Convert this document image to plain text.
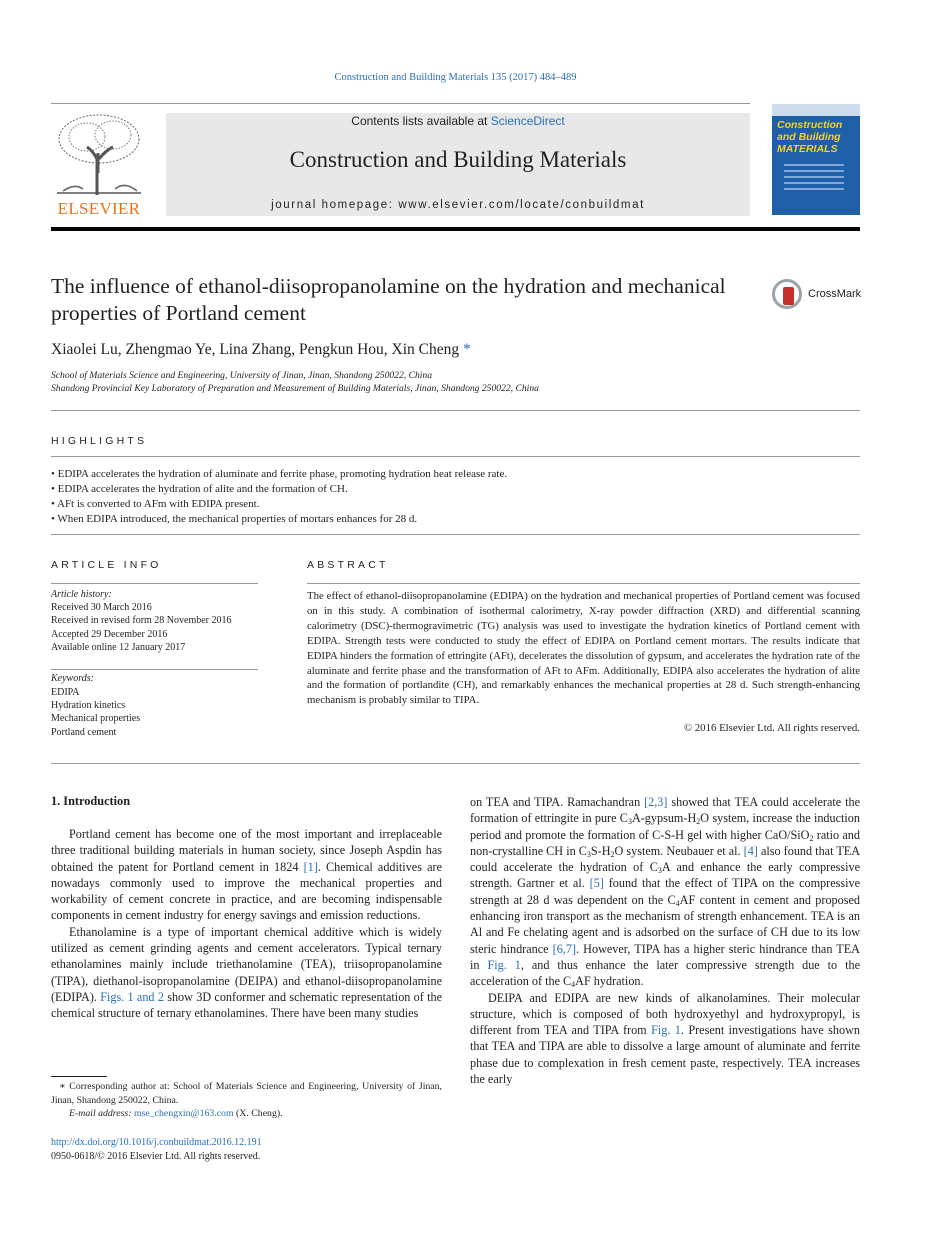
Construction and Building Materials 135 (2017) 484–489
ELSEVIER
Contents lists available at ScienceDirect
Construction and Building Materials
journal homepage: www.elsevier.com/locate/conbuildmat
Construction and Building MATERIALS
The influence of ethanol-diisopropanolamine on the hydration and mechanical properties of Portland cement
CrossMark
Xiaolei Lu, Zhengmao Ye, Lina Zhang, Pengkun Hou, Xin Cheng *
School of Materials Science and Engineering, University of Jinan, Jinan, Shandong 250022, China
Shandong Provincial Key Laboratory of Preparation and Measurement of Building Materials, Jinan, Shandong 250022, China
HIGHLIGHTS
• EDIPA accelerates the hydration of aluminate and ferrite phase, promoting hydration heat release rate.
• EDIPA accelerates the hydration of alite and the formation of CH.
• AFt is converted to AFm with EDIPA present.
• When EDIPA introduced, the mechanical properties of mortars enhances for 28 d.
ARTICLE INFO
Article history:
Received 30 March 2016
Received in revised form 28 November 2016
Accepted 29 December 2016
Available online 12 January 2017
Keywords:
EDIPA
Hydration kinetics
Mechanical properties
Portland cement
ABSTRACT
The effect of ethanol-diisopropanolamine (EDIPA) on the hydration and mechanical properties of Portland cement was focused on in this study. A combination of isothermal calorimetry, X-ray powder diffraction (XRD) and differential scanning calorimetry (DSC)-thermogravimetric (TG) analysis was used to investigate the hydration kinetics of Portland cement with EDIPA. Strength tests were conducted to study the effect of EDIPA on Portland cement mortars. The results indicate that EDIPA hinders the formation of ettringite (AFt), decelerates the dissolution of gypsum, and accelerates the hydration rate of the aluminate and ferrite phase and the transformation of AFt to AFm. Additionally, EDIPA also accelerates the hydration of alite and the formation of portlandite (CH), and remarkably enhances the mechanical properties at 28 d. Such strength-enhancing mechanism is probably similar to TIPA.
© 2016 Elsevier Ltd. All rights reserved.
1. Introduction

Portland cement has become one of the most important and irreplaceable three traditional building materials in human society, since Joseph Aspdin has obtained the patent for Portland cement in 1824 [1]. Chemical additives are nowadays commonly used to improve the mechanical properties and workability of cement concrete in practice, and are becoming indispensable components in cement industry for energy savings and emission reductions.

Ethanolamine is a type of important chemical additive which is widely utilized as cement grinding agents and cement accelerators. Typical ternary ethanolamines mainly include triethanolamine (TEA), triisopropanolamine (TIPA), diethanol-isopropanolamine (DEIPA) and ethanol-diisopropanolamine (EDIPA). Figs. 1 and 2 show 3D conformer and schematic representation of the chemical structure of ternary ethanolamines. There have been many studies

on TEA and TIPA. Ramachandran [2,3] showed that TEA could accelerate the formation of ettringite in pure $C_3A-gypsum-H_2O$ system, increase the induction period and promote the formation of C-S-H gel with higher CaO/SiO$_2$ ratio and non-crystalline CH in $C_3S-H_2O$ system. Neubauer et al. [4] also found that TEA could accelerate the hydration of $C_3A$ and enhance the early compressive strength. Gartner et al. [5] found that the effect of TIPA on the compressive strength at 28 d was dependent on the $C_4AF$ content in cement and proposed enhancing iron transport as the mechanism of strength enhancement. TEA is an Al and Fe chelating agent and is adsorbed on the surface of CH due to its low steric hindrance [6,7]. However, TIPA has a higher steric hindrance than TEA in Fig. 1, and thus enhance the later compressive strength due to the acceleration of the $C_4AF$ hydration.

DEIPA and EDIPA are new kinds of alkanolamines. Their molecular structure, which is composed of both hydroxyethyl and hydroxypropyl, is different from TEA and TIPA from Fig. 1. Present investigations have shown that TEA and TIPA are able to dissolve a large amount of aluminate and ferrite phase due to complexation in fresh cement paste, respectively. TEA increases the early

∗ Corresponding author at: School of Materials Science and Engineering, University of Jinan, Jinan, Shandong 250022, China.
E-mail address: mse_chengxin@163.com (X. Cheng).
http://dx.doi.org/10.1016/j.conbuildmat.2016.12.191
0950-0618/© 2016 Elsevier Ltd. All rights reserved.
